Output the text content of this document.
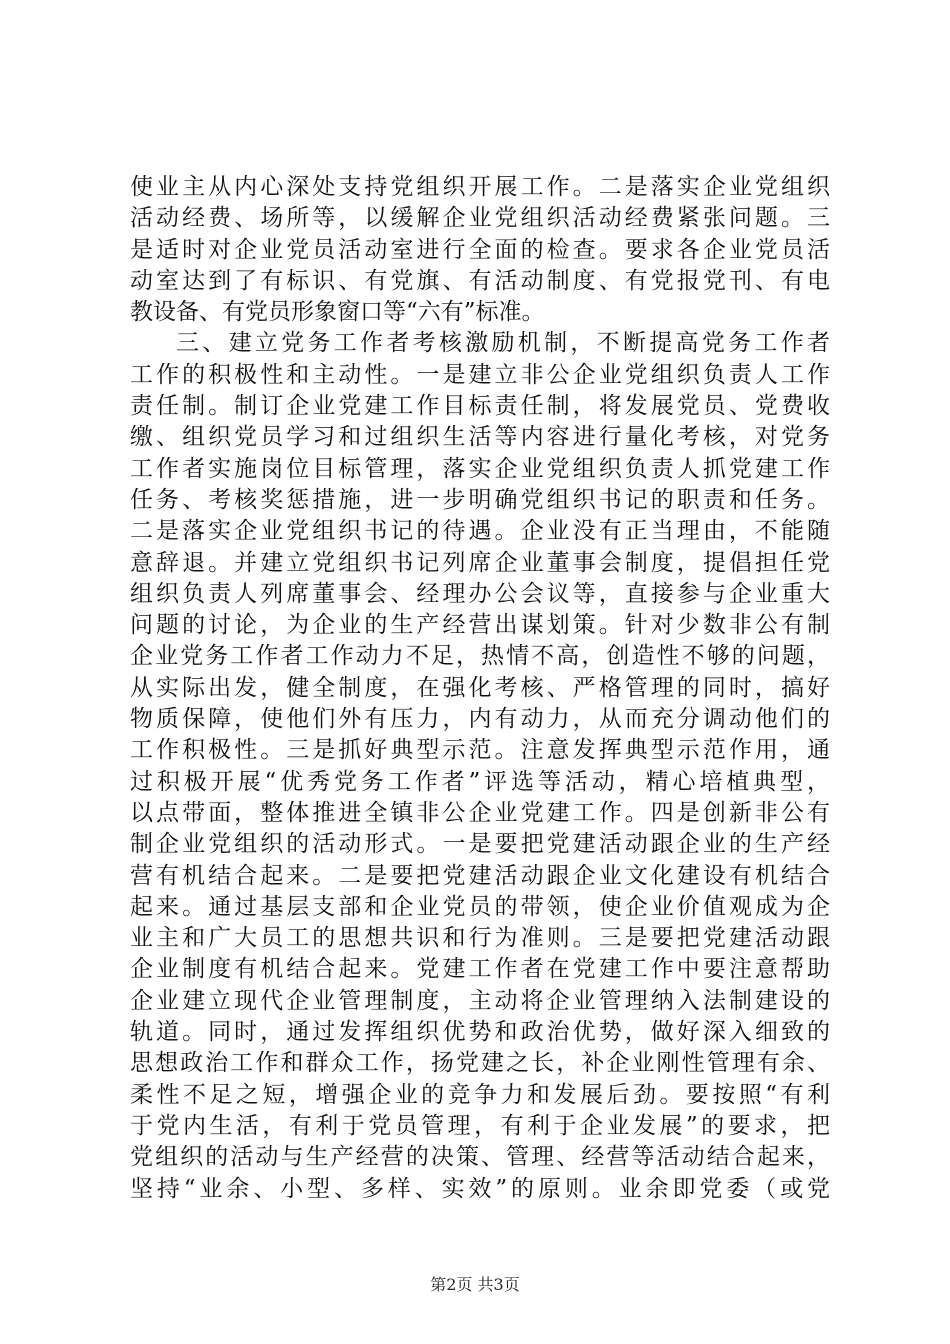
使业主从内心深处支持党组织开展工作。二是落实企业党组织
活动经费、场所等，以缓解企业党组织活动经费紧张问题。三
是适时对企业党员活动室进行全面的检查。要求各企业党员活
动室达到了有标识、有党旗、有活动制度、有党报党刊、有电
教设备、有党员形象窗口等“六有”标准。
三、建立党务工作者考核激励机制，不断提高党务工作者
工作的积极性和主动性。一是建立非公企业党组织负责人工作
责任制。制订企业党建工作目标责任制，将发展党员、党费收
缴、组织党员学习和过组织生活等内容进行量化考核，对党务
工作者实施岗位目标管理，落实企业党组织负责人抓党建工作
任务、考核奖惩措施，进一步明确党组织书记的职责和任务。
二是落实企业党组织书记的待遇。企业没有正当理由，不能随
意辞退。并建立党组织书记列席企业董事会制度，提倡担任党
组织负责人列席董事会、经理办公会议等，直接参与企业重大
问题的讨论，为企业的生产经营出谋划策。针对少数非公有制
企业党务工作者工作动力不足，热情不高，创造性不够的问题，
从实际出发，健全制度，在强化考核、严格管理的同时，搞好
物质保障，使他们外有压力，内有动力，从而充分调动他们的
工作积极性。三是抓好典型示范。注意发挥典型示范作用，通
过积极开展“优秀党务工作者”评选等活动，精心培植典型，
以点带面，整体推进全镇非公企业党建工作。四是创新非公有
制企业党组织的活动形式。一是要把党建活动跟企业的生产经
营有机结合起来。二是要把党建活动跟企业文化建设有机结合
起来。通过基层支部和企业党员的带领，使企业价值观成为企
业主和广大员工的思想共识和行为准则。三是要把党建活动跟
企业制度有机结合起来。党建工作者在党建工作中要注意帮助
企业建立现代企业管理制度，主动将企业管理纳入法制建设的
轨道。同时，通过发挥组织优势和政治优势，做好深入细致的
思想政治工作和群众工作，扬党建之长，补企业刚性管理有余、
柔性不足之短，增强企业的竞争力和发展后劲。要按照“有利
于党内生活，有利于党员管理，有利于企业发展”的要求，把
党组织的活动与生产经营的决策、管理、经营等活动结合起来，
坚持“业余、小型、多样、实效”的原则。业余即党委（或党
第2页 共3页
